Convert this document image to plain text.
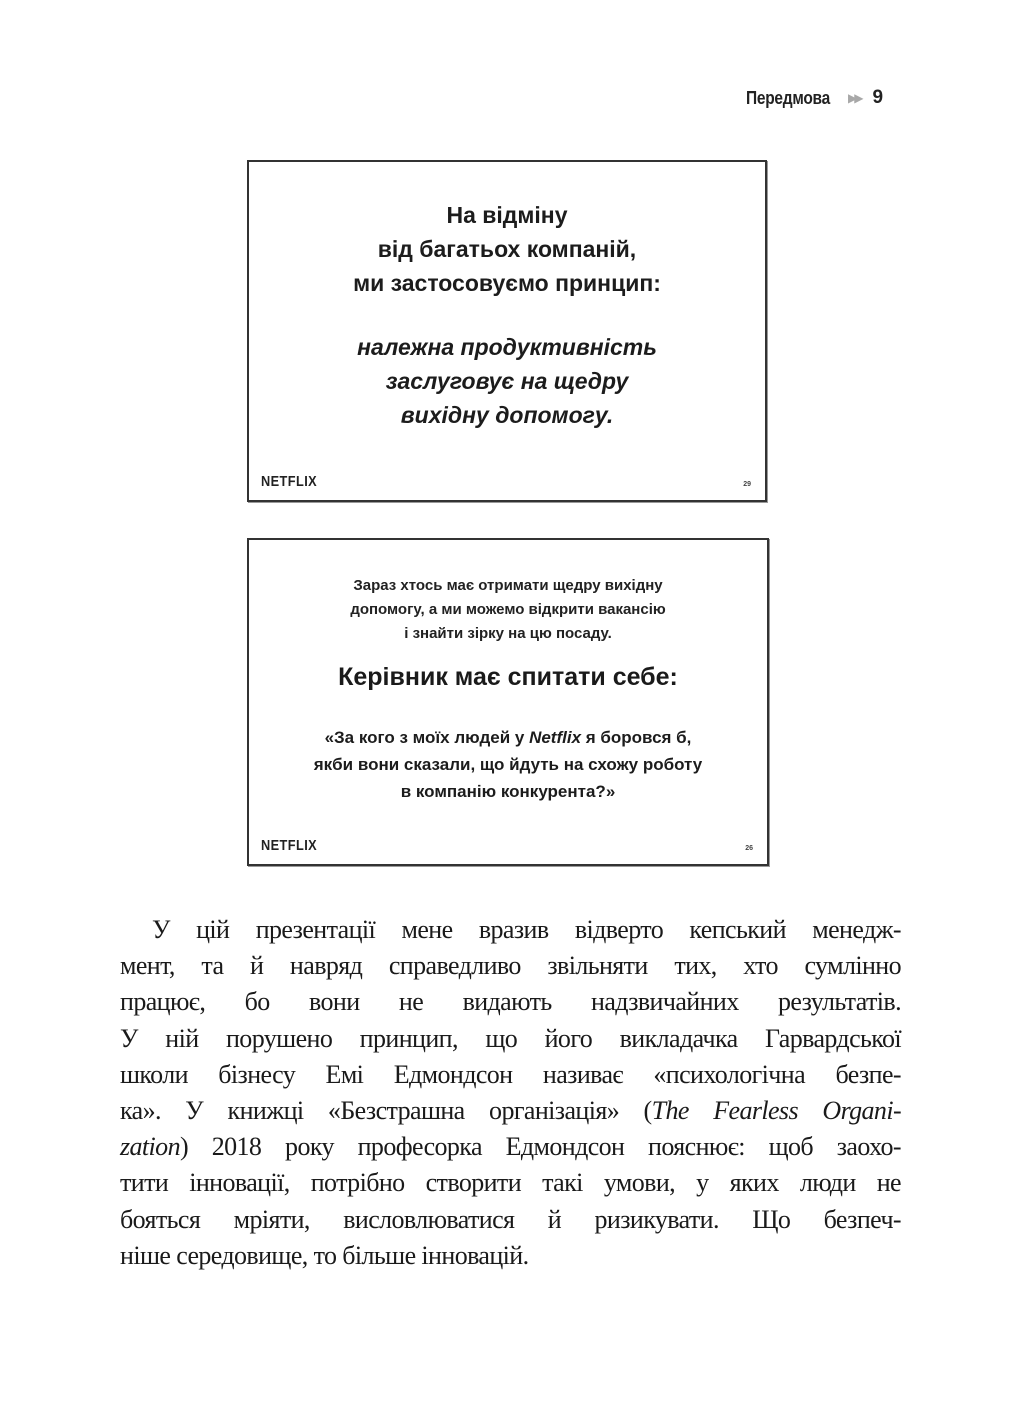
Передмова ▶▶ 9
На відміну
від багатьох компаній,
ми застосовуємо принцип:
належна продуктивність
заслуговує на щедру
вихідну допомогу.
NETFLIX	29
Зараз хтось має отримати щедру вихідну
допомогу, а ми можемо відкрити вакансію
і знайти зірку на цю посаду.
Керівник має спитати себе:
«За кого з моїх людей у Netflix я боровся б,
якби вони сказали, що йдуть на схожу роботу
в компанію конкурента?»
NETFLIX	26
У цій презентації мене вразив відверто кепський менедж-
мент, та й навряд справедливо звільняти тих, хто сумлінно
працює, бо вони не видають надзвичайних результатів.
У ній порушено принцип, що його викладачка Гарвардської
школи бізнесу Емі Едмондсон називає «психологічна безпе-
ка». У книжці «Безстрашна організація» (The Fearless Organi-
zation) 2018 року професорка Едмондсон пояснює: щоб заохо-
тити інновації, потрібно створити такі умови, у яких люди не
бояться мріяти, висловлюватися й ризикувати. Що безпеч-
ніше середовище, то більше інновацій.
